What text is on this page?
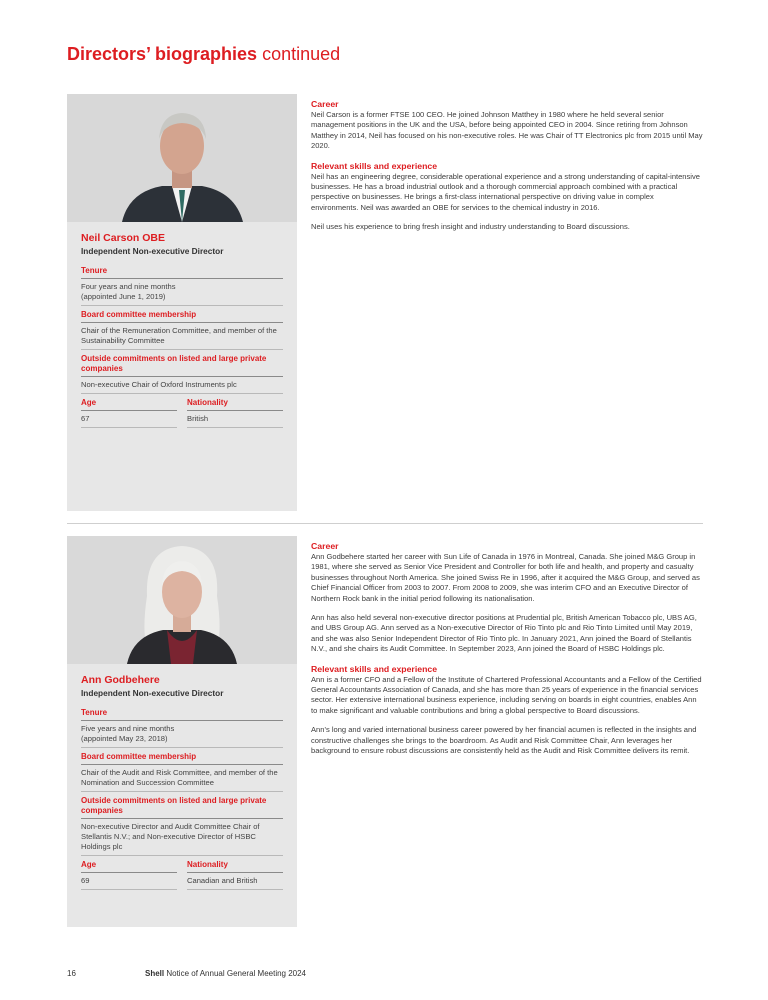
Directors’ biographies continued
Neil Carson OBE
Independent Non-executive Director
Tenure
Four years and nine months
(appointed June 1, 2019)
Board committee membership
Chair of the Remuneration Committee, and member of the Sustainability Committee
Outside commitments on listed and large private companies
Non-executive Chair of Oxford Instruments plc
Age
67
Nationality
British
Career

Neil Carson is a former FTSE 100 CEO. He joined Johnson Matthey in 1980 where he held several senior management positions in the UK and the USA, before being appointed CEO in 2004. Since retiring from Johnson Matthey in 2014, Neil has focused on his non-executive roles. He was Chair of TT Electronics plc from 2015 until May 2020.

Relevant skills and experience

Neil has an engineering degree, considerable operational experience and a strong understanding of capital-intensive businesses. He has a broad industrial outlook and a thorough commercial approach combined with a practical perspective on businesses. He brings a first-class international perspective on driving value in complex environments. Neil was awarded an OBE for services to the chemical industry in 2016.

Neil uses his experience to bring fresh insight and industry understanding to Board discussions.

Ann Godbehere
Independent Non-executive Director
Tenure
Five years and nine months
(appointed May 23, 2018)
Board committee membership
Chair of the Audit and Risk Committee, and member of the Nomination and Succession Committee
Outside commitments on listed and large private companies
Non-executive Director and Audit Committee Chair of Stellantis N.V.; and Non-executive Director of HSBC Holdings plc
Age
69
Nationality
Canadian and British
Career

Ann Godbehere started her career with Sun Life of Canada in 1976 in Montreal, Canada. She joined M&G Group in 1981, where she served as Senior Vice President and Controller for both life and health, and property and casualty businesses throughout North America. She joined Swiss Re in 1996, after it acquired the M&G Group, and served as Chief Financial Officer from 2003 to 2007. From 2008 to 2009, she was interim CFO and an Executive Director of Northern Rock bank in the initial period following its nationalisation.

Ann has also held several non-executive director positions at Prudential plc, British American Tobacco plc, UBS AG, and UBS Group AG. Ann served as a Non-executive Director of Rio Tinto plc and Rio Tinto Limited until May 2019, and she was also Senior Independent Director of Rio Tinto plc. In January 2021, Ann joined the Board of Stellantis N.V., and she chairs its Audit Committee. In September 2023, Ann joined the Board of HSBC Holdings plc.

Relevant skills and experience

Ann is a former CFO and a Fellow of the Institute of Chartered Professional Accountants and a Fellow of the Certified General Accountants Association of Canada, and she has more than 25 years of experience in the financial services sector. Her extensive international business experience, including serving on boards in eight countries, enables Ann to make significant and valuable contributions and bring a global perspective to Board discussions.

Ann’s long and varied international business career powered by her financial acumen is reflected in the insights and constructive challenges she brings to the boardroom. As Audit and Risk Committee Chair, Ann leverages her background to ensure robust discussions are consistently held as the Audit and Risk Committee delivers its remit.

16	Shell Notice of Annual General Meeting 2024
